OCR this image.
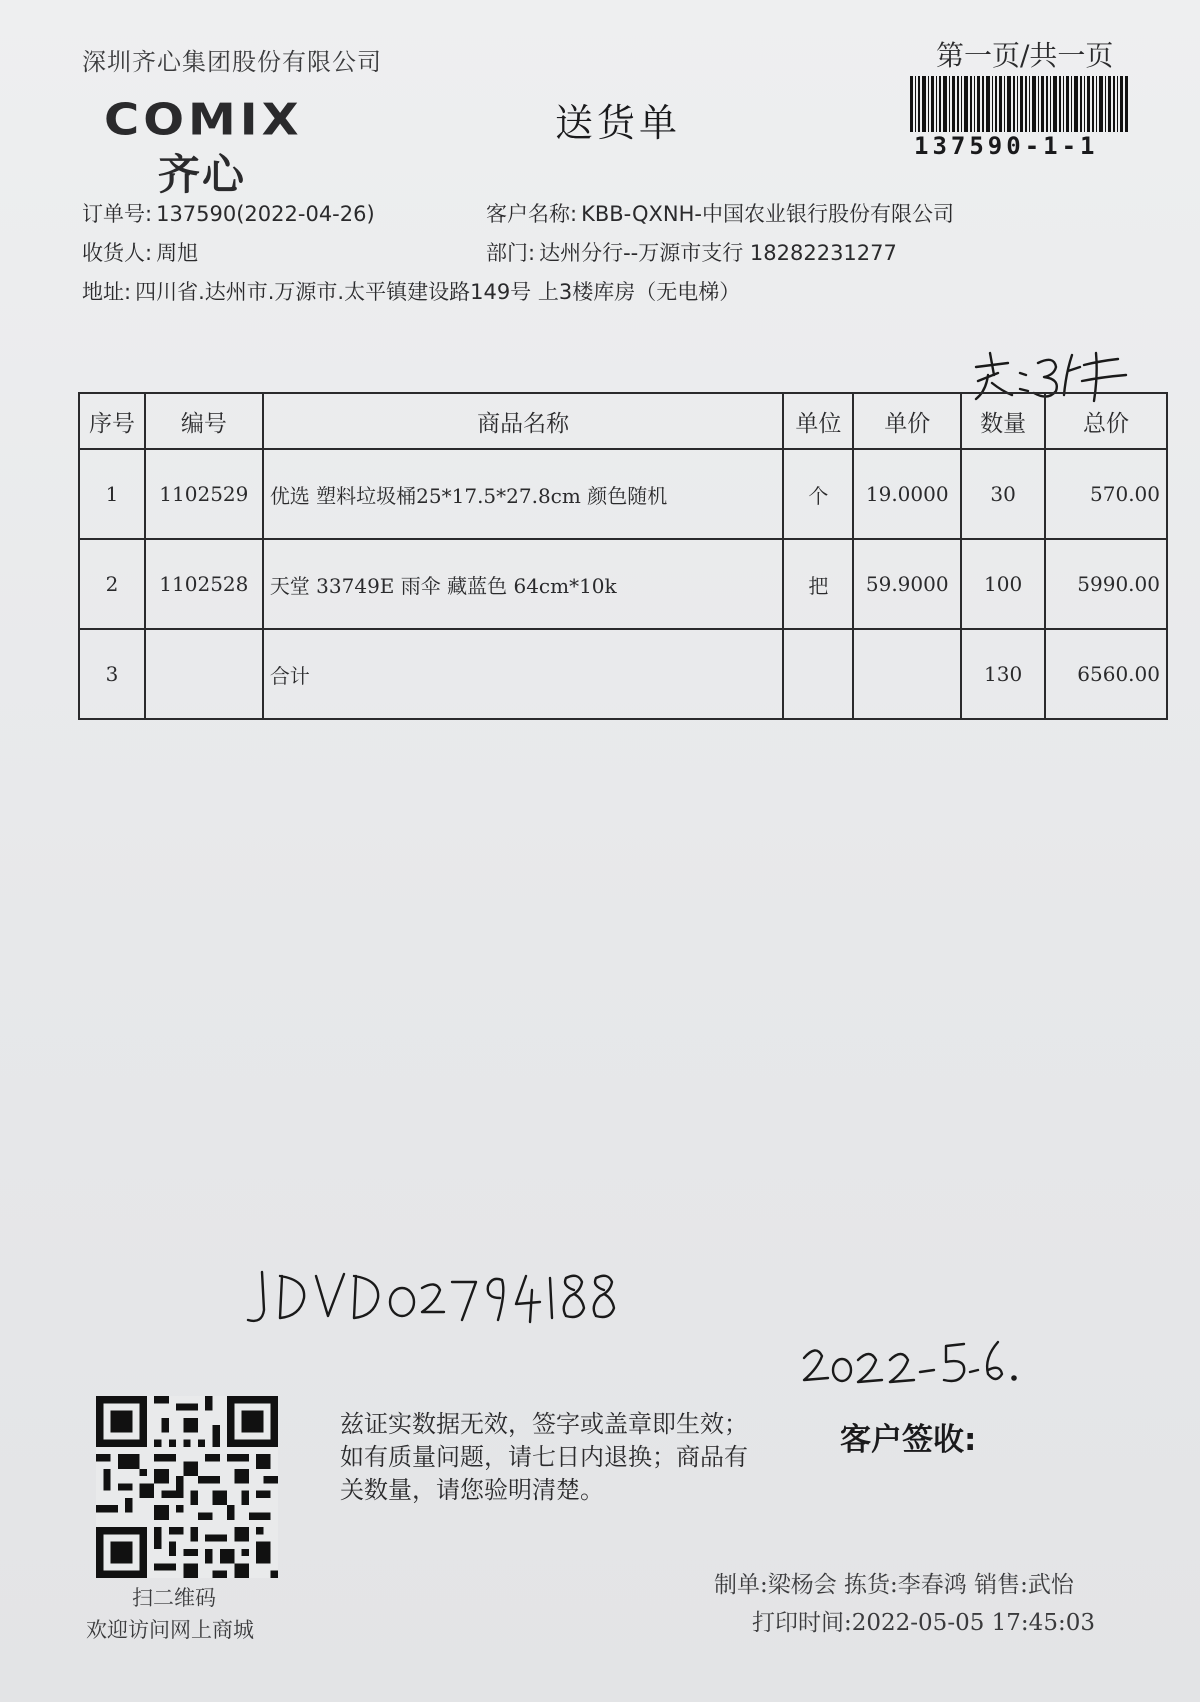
深圳齐心集团股份有限公司
COMIX
齐心
送货单
第一页/共一页
137590-1-1
订单号: 137590(2022-04-26)	客户名称: KBB-QXNH-中国农业银行股份有限公司
收货人: 周旭	部门: 达州分行--万源市支行 18282231277
地址: 四川省.达州市.万源市.太平镇建设路149号 上3楼库房（无电梯）
序号	编号	商品名称	单位	单价	数量	总价
1	1102529	优选 塑料垃圾桶25*17.5*27.8cm 颜色随机	个	19.0000	30	570.00
2	1102528	天堂 33749E 雨伞 藏蓝色 64cm*10k	把	59.9000	100	5990.00
3		合计			130	6560.00
扫二维码
欢迎访问网上商城
兹证实数据无效，签字或盖章即生效；如有质量问题，请七日内退换；商品有关数量，请您验明清楚。
客户签收:
制单:梁杨会 拣货:李春鸿 销售:武怡
打印时间:2022-05-05 17:45:03
